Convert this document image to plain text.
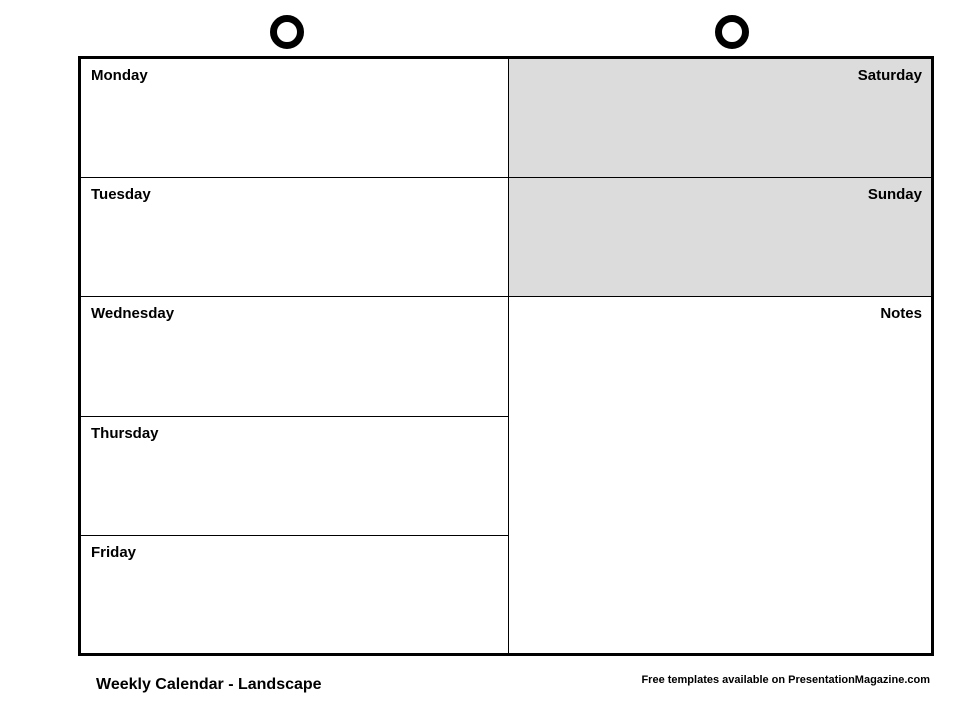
Monday
Tuesday
Wednesday
Thursday
Friday
Saturday
Sunday
Notes
Weekly Calendar - Landscape	Free templates available on PresentationMagazine.com
